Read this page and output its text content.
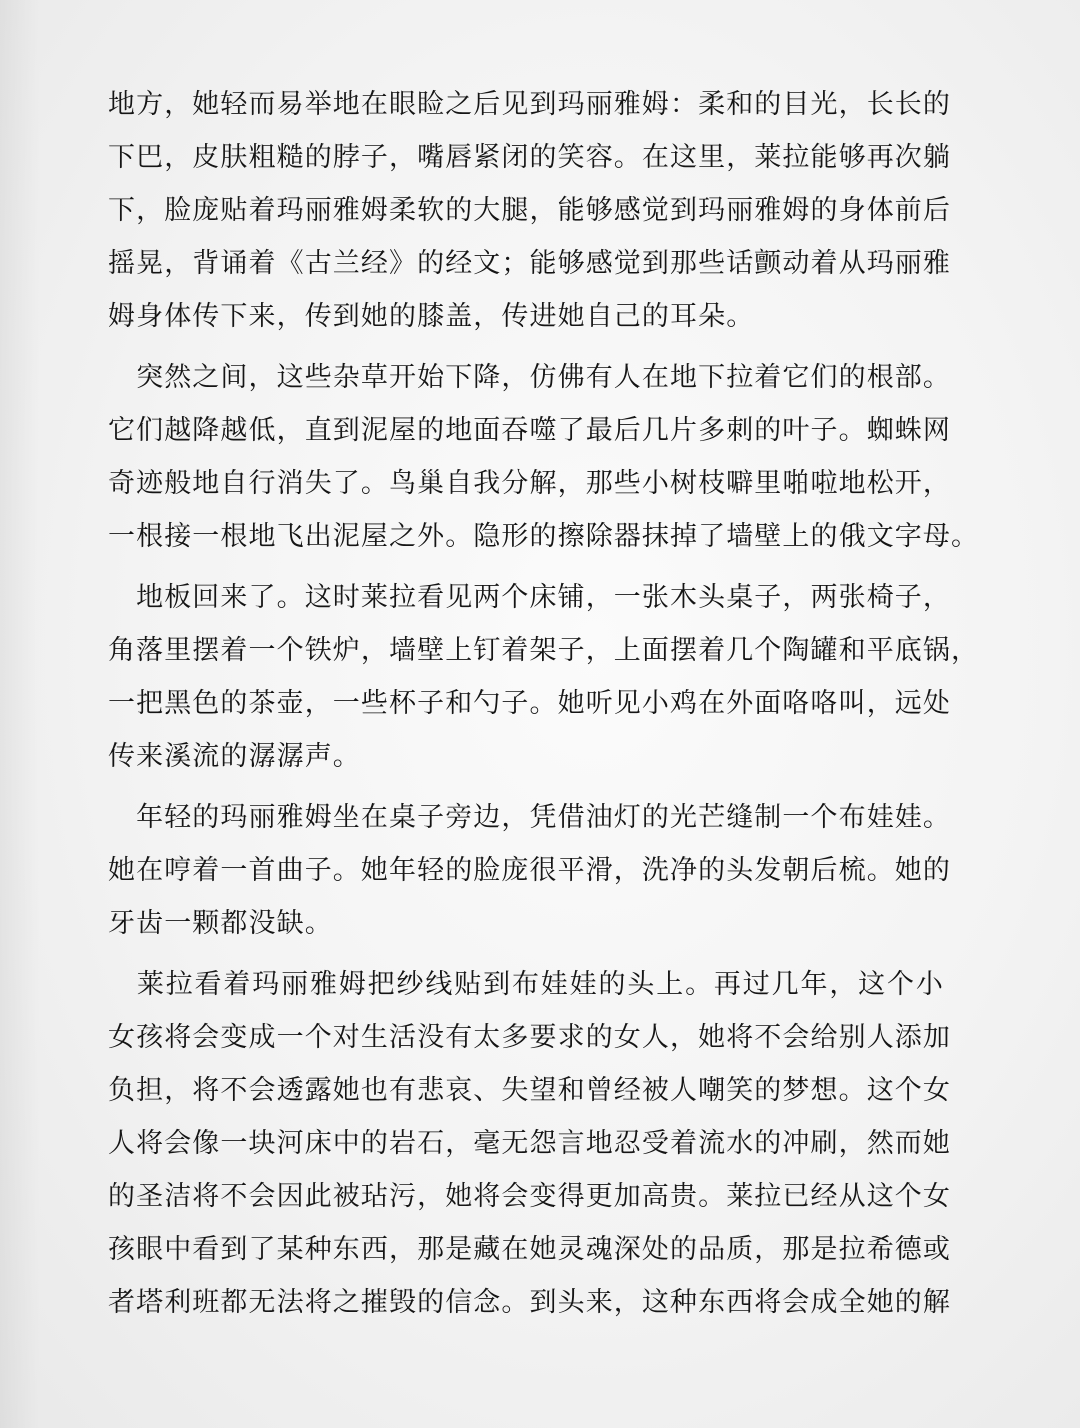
地方，她轻而易举地在眼睑之后见到玛丽雅姆：柔和的目光，长长的
下巴，皮肤粗糙的脖子，嘴唇紧闭的笑容。在这里，莱拉能够再次躺
下，脸庞贴着玛丽雅姆柔软的大腿，能够感觉到玛丽雅姆的身体前后
摇晃，背诵着《古兰经》的经文；能够感觉到那些话颤动着从玛丽雅
姆身体传下来，传到她的膝盖，传进她自己的耳朵。
　突然之间，这些杂草开始下降，仿佛有人在地下拉着它们的根部。
它们越降越低，直到泥屋的地面吞噬了最后几片多刺的叶子。蜘蛛网
奇迹般地自行消失了。鸟巢自我分解，那些小树枝噼里啪啦地松开，
一根接一根地飞出泥屋之外。隐形的擦除器抹掉了墙壁上的俄文字母。
　地板回来了。这时莱拉看见两个床铺，一张木头桌子，两张椅子，
角落里摆着一个铁炉，墙壁上钉着架子，上面摆着几个陶罐和平底锅，
一把黑色的茶壶，一些杯子和勺子。她听见小鸡在外面咯咯叫，远处
传来溪流的潺潺声。
　年轻的玛丽雅姆坐在桌子旁边，凭借油灯的光芒缝制一个布娃娃。
她在哼着一首曲子。她年轻的脸庞很平滑，洗净的头发朝后梳。她的
牙齿一颗都没缺。
　莱拉看着玛丽雅姆把纱线贴到布娃娃的头上。再过几年，这个小
女孩将会变成一个对生活没有太多要求的女人，她将不会给别人添加
负担，将不会透露她也有悲哀、失望和曾经被人嘲笑的梦想。这个女
人将会像一块河床中的岩石，毫无怨言地忍受着流水的冲刷，然而她
的圣洁将不会因此被玷污，她将会变得更加高贵。莱拉已经从这个女
孩眼中看到了某种东西，那是藏在她灵魂深处的品质，那是拉希德或
者塔利班都无法将之摧毁的信念。到头来，这种东西将会成全她的解
